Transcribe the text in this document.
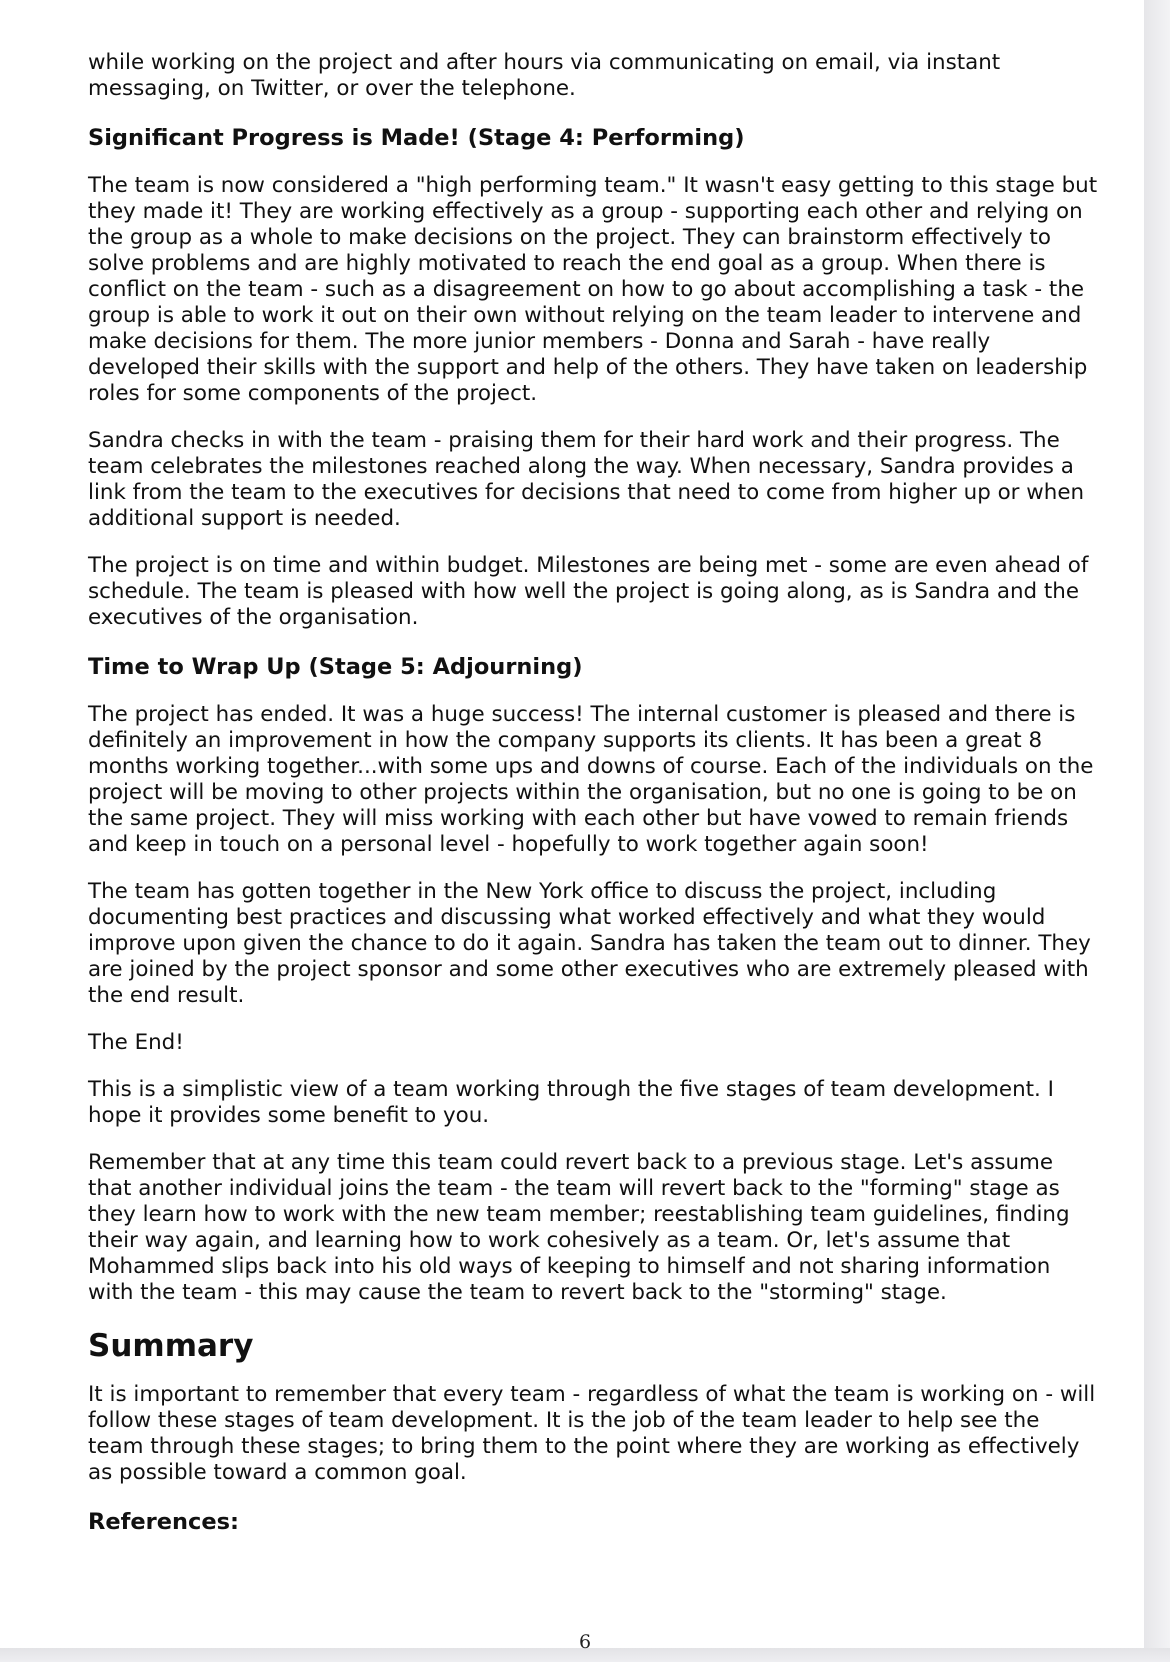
while working on the project and after hours via communicating on email, via instant messaging, on Twitter, or over the telephone.

Significant Progress is Made! (Stage 4: Performing)

The team is now considered a "high performing team." It wasn't easy getting to this stage but they made it! They are working effectively as a group - supporting each other and relying on the group as a whole to make decisions on the project. They can brainstorm effectively to solve problems and are highly motivated to reach the end goal as a group. When there is conflict on the team - such as a disagreement on how to go about accomplishing a task - the group is able to work it out on their own without relying on the team leader to intervene and make decisions for them. The more junior members - Donna and Sarah - have really developed their skills with the support and help of the others. They have taken on leadership roles for some components of the project.

Sandra checks in with the team - praising them for their hard work and their progress. The team celebrates the milestones reached along the way. When necessary, Sandra provides a link from the team to the executives for decisions that need to come from higher up or when additional support is needed.

The project is on time and within budget. Milestones are being met - some are even ahead of schedule. The team is pleased with how well the project is going along, as is Sandra and the executives of the organisation.

Time to Wrap Up (Stage 5: Adjourning)

The project has ended. It was a huge success! The internal customer is pleased and there is definitely an improvement in how the company supports its clients. It has been a great 8 months working together...with some ups and downs of course. Each of the individuals on the project will be moving to other projects within the organisation, but no one is going to be on the same project. They will miss working with each other but have vowed to remain friends and keep in touch on a personal level - hopefully to work together again soon!

The team has gotten together in the New York office to discuss the project, including documenting best practices and discussing what worked effectively and what they would improve upon given the chance to do it again. Sandra has taken the team out to dinner. They are joined by the project sponsor and some other executives who are extremely pleased with the end result.

The End!

This is a simplistic view of a team working through the five stages of team development. I hope it provides some benefit to you.

Remember that at any time this team could revert back to a previous stage. Let's assume that another individual joins the team - the team will revert back to the "forming" stage as they learn how to work with the new team member; reestablishing team guidelines, finding their way again, and learning how to work cohesively as a team. Or, let's assume that Mohammed slips back into his old ways of keeping to himself and not sharing information with the team - this may cause the team to revert back to the "storming" stage.

Summary

It is important to remember that every team - regardless of what the team is working on - will follow these stages of team development. It is the job of the team leader to help see the team through these stages; to bring them to the point where they are working as effectively as possible toward a common goal.

References:
6
